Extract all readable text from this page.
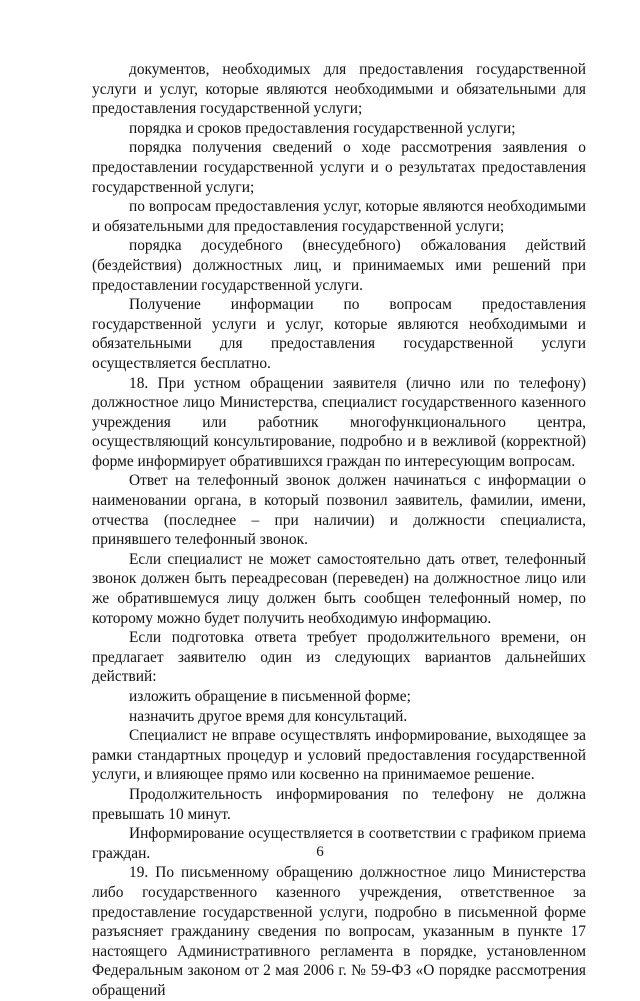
документов, необходимых для предоставления государственной услуги и услуг, которые являются необходимыми и обязательными для предоставления государственной услуги;

порядка и сроков предоставления государственной услуги;

порядка получения сведений о ходе рассмотрения заявления о предоставлении государственной услуги и о результатах предоставления государственной услуги;

по вопросам предоставления услуг, которые являются необходимыми и обязательными для предоставления государственной услуги;

порядка досудебного (внесудебного) обжалования действий (бездействия) должностных лиц, и принимаемых ими решений при предоставлении государственной услуги.

Получение информации по вопросам предоставления государственной услуги и услуг, которые являются необходимыми и обязательными для предоставления государственной услуги осуществляется бесплатно.

18. При устном обращении заявителя (лично или по телефону) должностное лицо Министерства, специалист государственного казенного учреждения или работник многофункционального центра, осуществляющий консультирование, подробно и в вежливой (корректной) форме информирует обратившихся граждан по интересующим вопросам.

Ответ на телефонный звонок должен начинаться с информации о наименовании органа, в который позвонил заявитель, фамилии, имени, отчества (последнее – при наличии) и должности специалиста, принявшего телефонный звонок.

Если специалист не может самостоятельно дать ответ, телефонный звонок должен быть переадресован (переведен) на должностное лицо или же обратившемуся лицу должен быть сообщен телефонный номер, по которому можно будет получить необходимую информацию.

Если подготовка ответа требует продолжительного времени, он предлагает заявителю один из следующих вариантов дальнейших действий:

изложить обращение в письменной форме;

назначить другое время для консультаций.

Специалист не вправе осуществлять информирование, выходящее за рамки стандартных процедур и условий предоставления государственной услуги, и влияющее прямо или косвенно на принимаемое решение.

Продолжительность информирования по телефону не должна превышать 10 минут.

Информирование осуществляется в соответствии с графиком приема граждан.

19. По письменному обращению должностное лицо Министерства либо государственного казенного учреждения, ответственное за предоставление государственной услуги, подробно в письменной форме разъясняет гражданину сведения по вопросам, указанным в пункте 17 настоящего Административного регламента в порядке, установленном Федеральным законом от 2 мая 2006 г. № 59-ФЗ «О порядке рассмотрения обращений

6
